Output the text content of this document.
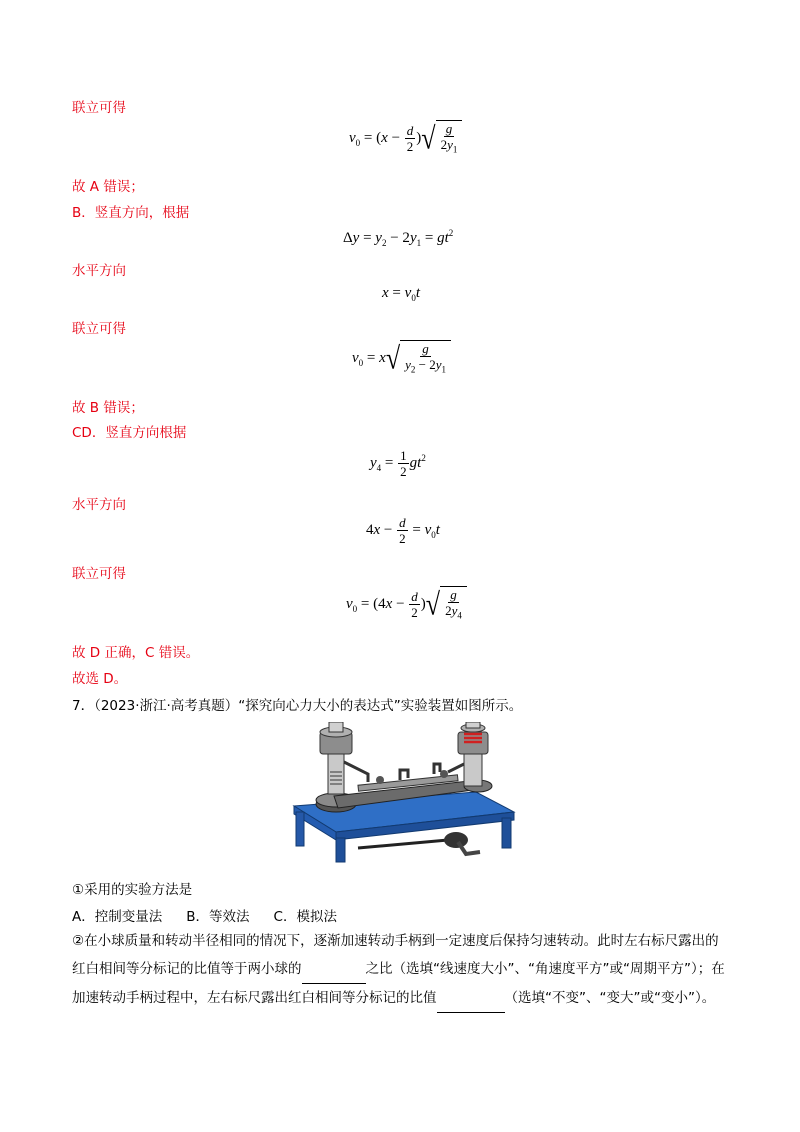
联立可得
$v_0 = (x - \frac{d}{2}$ ) √ $\frac{g}{2y_1}$
故 A 错误；
B．竖直方向，根据
$\Delta y = y_2 - 2y_1 = gt^2$
水平方向
$x = v_0t$
联立可得
$v_0 = x$ √ $\frac{g}{y_2 - 2y_1}$
故 B 错误；
CD．竖直方向根据
$y_4 = \frac{1}{2} gt^2$
水平方向
$4x - \frac{d}{2} = v_0t$
联立可得
$v_0 = (4x - \frac{d}{2}$ ) √ $\frac{g}{2y_4}$
故 D 正确，C 错误。
故选 D。
7．（2023·浙江·高考真题）“探究向心力大小的表达式”实验装置如图所示。
①采用的实验方法是
A．控制变量法 B．等效法 C．模拟法
②在小球质量和转动半径相同的情况下，逐渐加速转动手柄到一定速度后保持匀速转动。此时左右标尺露出的红白相间等分标记的比值等于两小球的	之比（选填“线速度大小”、“角速度平方”或“周期平方”）；在加速转动手柄过程中，左右标尺露出红白相间等分标记的比值	（选填“不变”、“变大”或“变小”）。
